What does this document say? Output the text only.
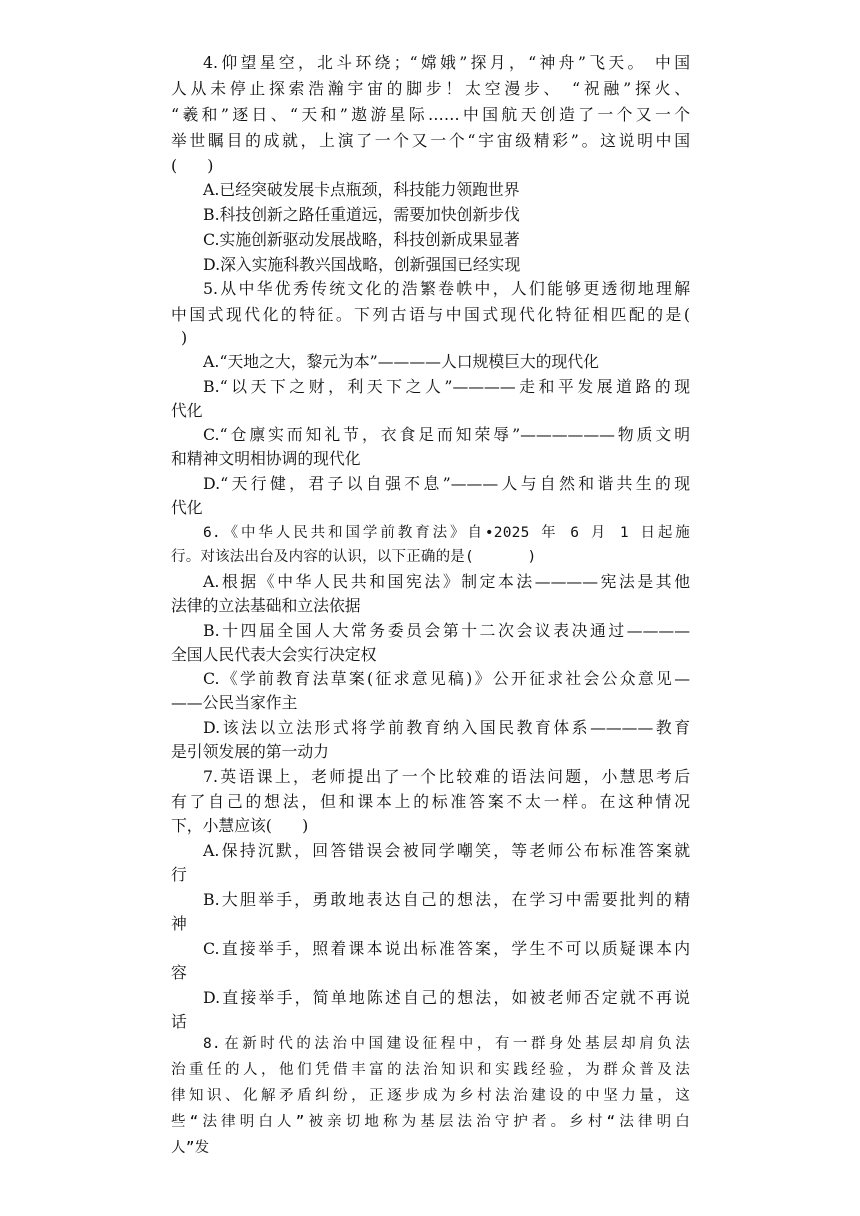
4.仰望星空，北斗环绕；“嫦娥”探月，“神舟”飞天。 中国
人从未停止探索浩瀚宇宙的脚步！太空漫步、 “祝融”探火、
“羲和”逐日、“天和”遨游星际……中国航天创造了一个又一个
举世瞩目的成就，上演了一个又一个“宇宙级精彩”。这说明中国
(      )
A.已经突破发展卡点瓶颈，科技能力领跑世界
B.科技创新之路任重道远，需要加快创新步伐
C.实施创新驱动发展战略，科技创新成果显著
D.深入实施科教兴国战略，创新强国已经实现
5.从中华优秀传统文化的浩繁卷帙中，人们能够更透彻地理解
中国式现代化的特征。下列古语与中国式现代化特征相匹配的是(
)
A.“天地之大，黎元为本”————人口规模巨大的现代化
B.“以天下之财，利天下之人”————走和平发展道路的现
代化
C.“仓廪实而知礼节，衣食足而知荣辱”——————物质文明
和精神文明相协调的现代化
D.“天行健，君子以自强不息”———人与自然和谐共生的现
代化
6.《中华人民共和国学前教育法》自•2025 年 6 月 1 日起施
行。对该法出台及内容的认识，以下正确的是(      )
A.根据《中华人民共和国宪法》制定本法————宪法是其他
法律的立法基础和立法依据
B.十四届全国人大常务委员会第十二次会议表决通过————
全国人民代表大会实行决定权
C.《学前教育法草案(征求意见稿)》公开征求社会公众意见—
——公民当家作主
D.该法以立法形式将学前教育纳入国民教育体系————教育
是引领发展的第一动力
7.英语课上，老师提出了一个比较难的语法问题，小慧思考后
有了自己的想法，但和课本上的标准答案不太一样。在这种情况
下，小慧应该(      )
A.保持沉默，回答错误会被同学嘲笑，等老师公布标准答案就
行
B.大胆举手，勇敢地表达自己的想法，在学习中需要批判的精
神
C.直接举手，照着课本说出标准答案，学生不可以质疑课本内
容
D.直接举手，简单地陈述自己的想法，如被老师否定就不再说
话
8.在新时代的法治中国建设征程中，有一群身处基层却肩负法
治重任的人，他们凭借丰富的法治知识和实践经验，为群众普及法
律知识、化解矛盾纠纷，正逐步成为乡村法治建设的中坚力量，这
些“法律明白人”被亲切地称为基层法治守护者。乡村“法律明白
人”发
